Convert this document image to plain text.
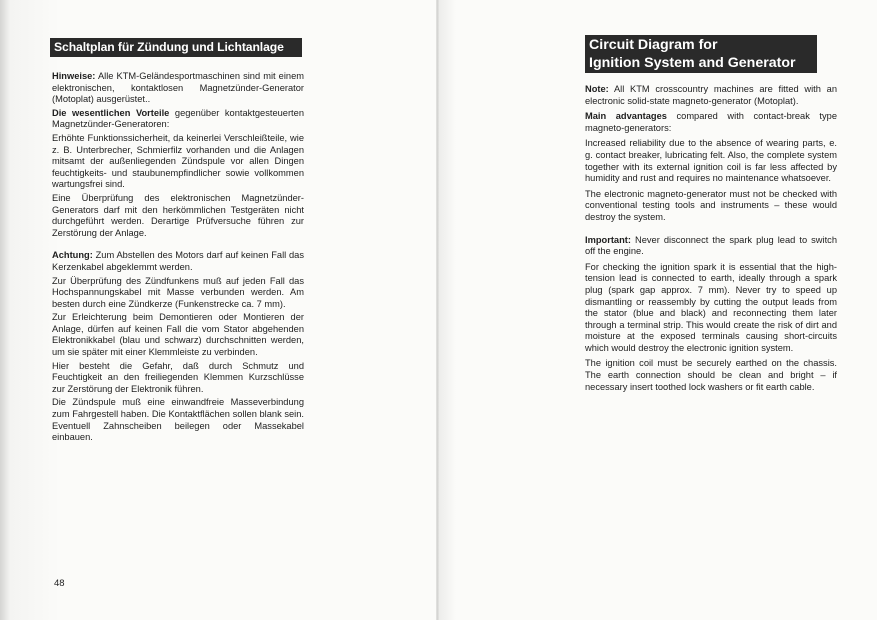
Schaltplan für Zündung und Lichtanlage

Hinweise: Alle KTM-Geländesportmaschinen sind mit einem elektronischen, kontaktlosen Magnetzünder-Generator (Motoplat) ausgerüstet..

Die wesentlichen Vorteile gegenüber kontaktgesteuerten Magnetzünder-Generatoren:

Erhöhte Funktionssicherheit, da keinerlei Verschleißteile, wie z. B. Unterbrecher, Schmierfilz vorhanden und die Anlagen mitsamt der außenliegenden Zündspule vor allen Dingen feuchtigkeits- und staubunempfindlicher sowie vollkommen wartungsfrei sind.

Eine Überprüfung des elektronischen Magnetzünder-Generators darf mit den herkömmlichen Testgeräten nicht durchgeführt werden. Derartige Prüfversuche führen zur Zerstörung der Anlage.

Achtung: Zum Abstellen des Motors darf auf keinen Fall das Kerzenkabel abgeklemmt werden.

Zur Überprüfung des Zündfunkens muß auf jeden Fall das Hochspannungskabel mit Masse verbunden werden. Am besten durch eine Zündkerze (Funkenstrecke ca. 7 mm).

Zur Erleichterung beim Demontieren oder Montieren der Anlage, dürfen auf keinen Fall die vom Stator abgehenden Elektronikkabel (blau und schwarz) durchschnitten werden, um sie später mit einer Klemmleiste zu verbinden.

Hier besteht die Gefahr, daß durch Schmutz und Feuchtigkeit an den freiliegenden Klemmen Kurzschlüsse zur Zerstörung der Elektronik führen.

Die Zündspule muß eine einwandfreie Masseverbindung zum Fahrgestell haben. Die Kontaktflächen sollen blank sein. Eventuell Zahnscheiben beilegen oder Massekabel einbauen.

48
Circuit Diagram for
Ignition System and Generator

Note: All KTM crosscountry machines are fitted with an electronic solid-state magneto-generator (Motoplat).

Main advantages compared with contact-break type magneto-generators:

Increased reliability due to the absence of wearing parts, e. g. contact breaker, lubricating felt. Also, the complete system together with its external ignition coil is far less affected by humidity and rust and requires no maintenance whatsoever.

The electronic magneto-generator must not be checked with conventional testing tools and instruments – these would destroy the system.

Important: Never disconnect the spark plug lead to switch off the engine.

For checking the ignition spark it is essential that the high-tension lead is connected to earth, ideally through a spark plug (spark gap approx. 7 mm). Never try to speed up dismantling or reassembly by cutting the output leads from the stator (blue and black) and reconnecting them later through a terminal strip. This would create the risk of dirt and moisture at the exposed terminals causing short-circuits which would destroy the electronic ignition system.

The ignition coil must be securely earthed on the chassis. The earth connection should be clean and bright – if necessary insert toothed lock washers or fit earth cable.
